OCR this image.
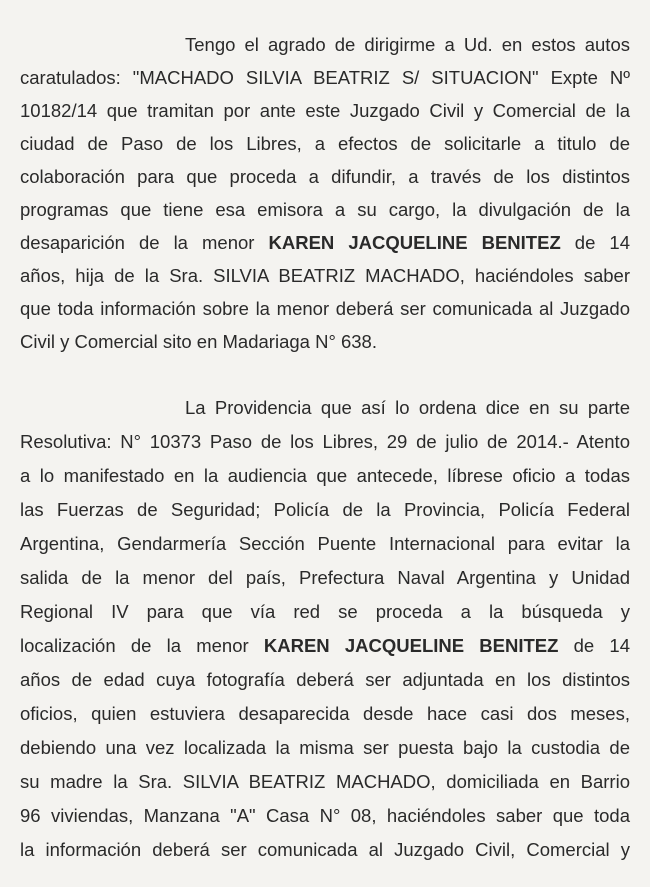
Tengo el agrado de dirigirme a Ud. en estos autos
caratulados: "MACHADO SILVIA BEATRIZ S/ SITUACION" Expte Nº
10182/14 que tramitan por ante este Juzgado Civil y Comercial de la
ciudad de Paso de los Libres, a efectos de solicitarle a titulo de
colaboración para que proceda a difundir, a través de los distintos
programas que tiene esa emisora a su cargo, la divulgación de la
desaparición de la menor KAREN JACQUELINE BENITEZ de 14
años, hija de la Sra. SILVIA BEATRIZ MACHADO, haciéndoles saber
que toda información sobre la menor deberá ser comunicada al Juzgado
Civil y Comercial sito en Madariaga N° 638.
La Providencia que así lo ordena dice en su parte
Resolutiva: N° 10373 Paso de los Libres, 29 de julio de 2014.- Atento
a lo manifestado en la audiencia que antecede, líbrese oficio a todas
las Fuerzas de Seguridad; Policía de la Provincia, Policía Federal
Argentina, Gendarmería Sección Puente Internacional para evitar la
salida de la menor del país, Prefectura Naval Argentina y Unidad
Regional IV para que vía red se proceda a la búsqueda y
localización de la menor KAREN JACQUELINE BENITEZ de 14
años de edad cuya fotografía deberá ser adjuntada en los distintos
oficios, quien estuviera desaparecida desde hace casi dos meses,
debiendo una vez localizada la misma ser puesta bajo la custodia de
su madre la Sra. SILVIA BEATRIZ MACHADO, domiciliada en Barrio
96 viviendas, Manzana "A" Casa N° 08, haciéndoles saber que toda
la información deberá ser comunicada al Juzgado Civil, Comercial y
